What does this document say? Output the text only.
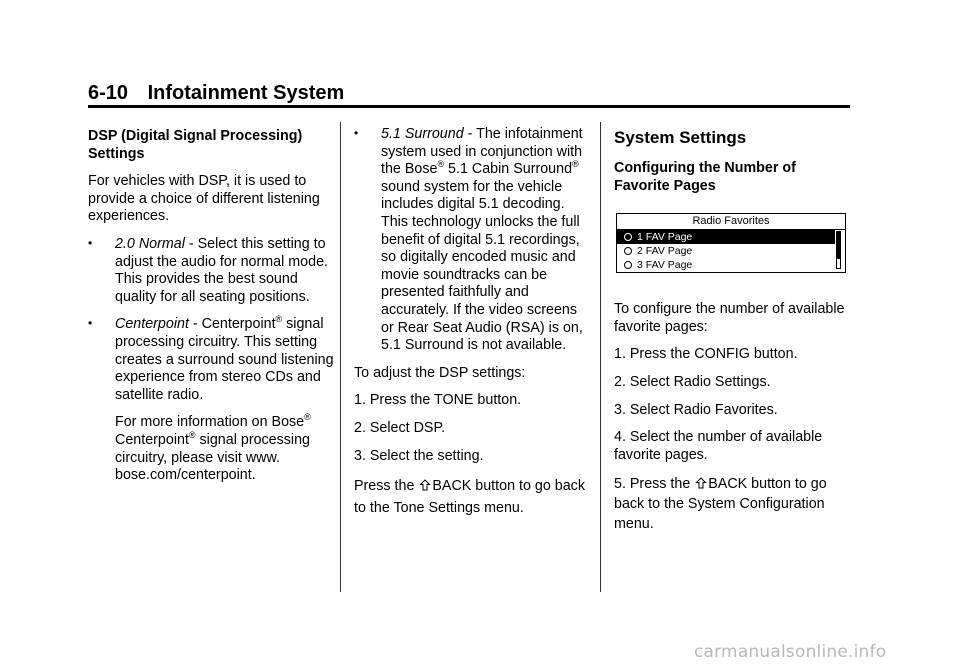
6-10 Infotainment System

DSP (Digital Signal Processing) Settings

For vehicles with DSP, it is used to provide a choice of different listening experiences.

• 2.0 Normal - Select this setting to adjust the audio for normal mode. This provides the best sound quality for all seating positions.
• Centerpoint - Centerpoint® signal processing circuitry. This setting creates a surround sound listening experience from stereo CDs and satellite radio.

For more information on Bose® Centerpoint® signal processing circuitry, please visit www. bose.com/centerpoint.

• 5.1 Surround - The infotainment system used in conjunction with the Bose® 5.1 Cabin Surround® sound system for the vehicle includes digital 5.1 decoding. This technology unlocks the full benefit of digital 5.1 recordings, so digitally encoded music and movie soundtracks can be presented faithfully and accurately. If the video screens or Rear Seat Audio (RSA) is on, 5.1 Surround is not available.

To adjust the DSP settings:

1. Press the TONE button.

2. Select DSP.

3. Select the setting.

Press the BACK button to go back to the Tone Settings menu.

System Settings

Configuring the Number of Favorite Pages

Radio Favorites
1 FAV Page
2 FAV Page
3 FAV Page

To configure the number of available favorite pages:

1. Press the CONFIG button.

2. Select Radio Settings.

3. Select Radio Favorites.

4. Select the number of available favorite pages.

5. Press the BACK button to go back to the System Configuration menu.

carmanualsonline.info
